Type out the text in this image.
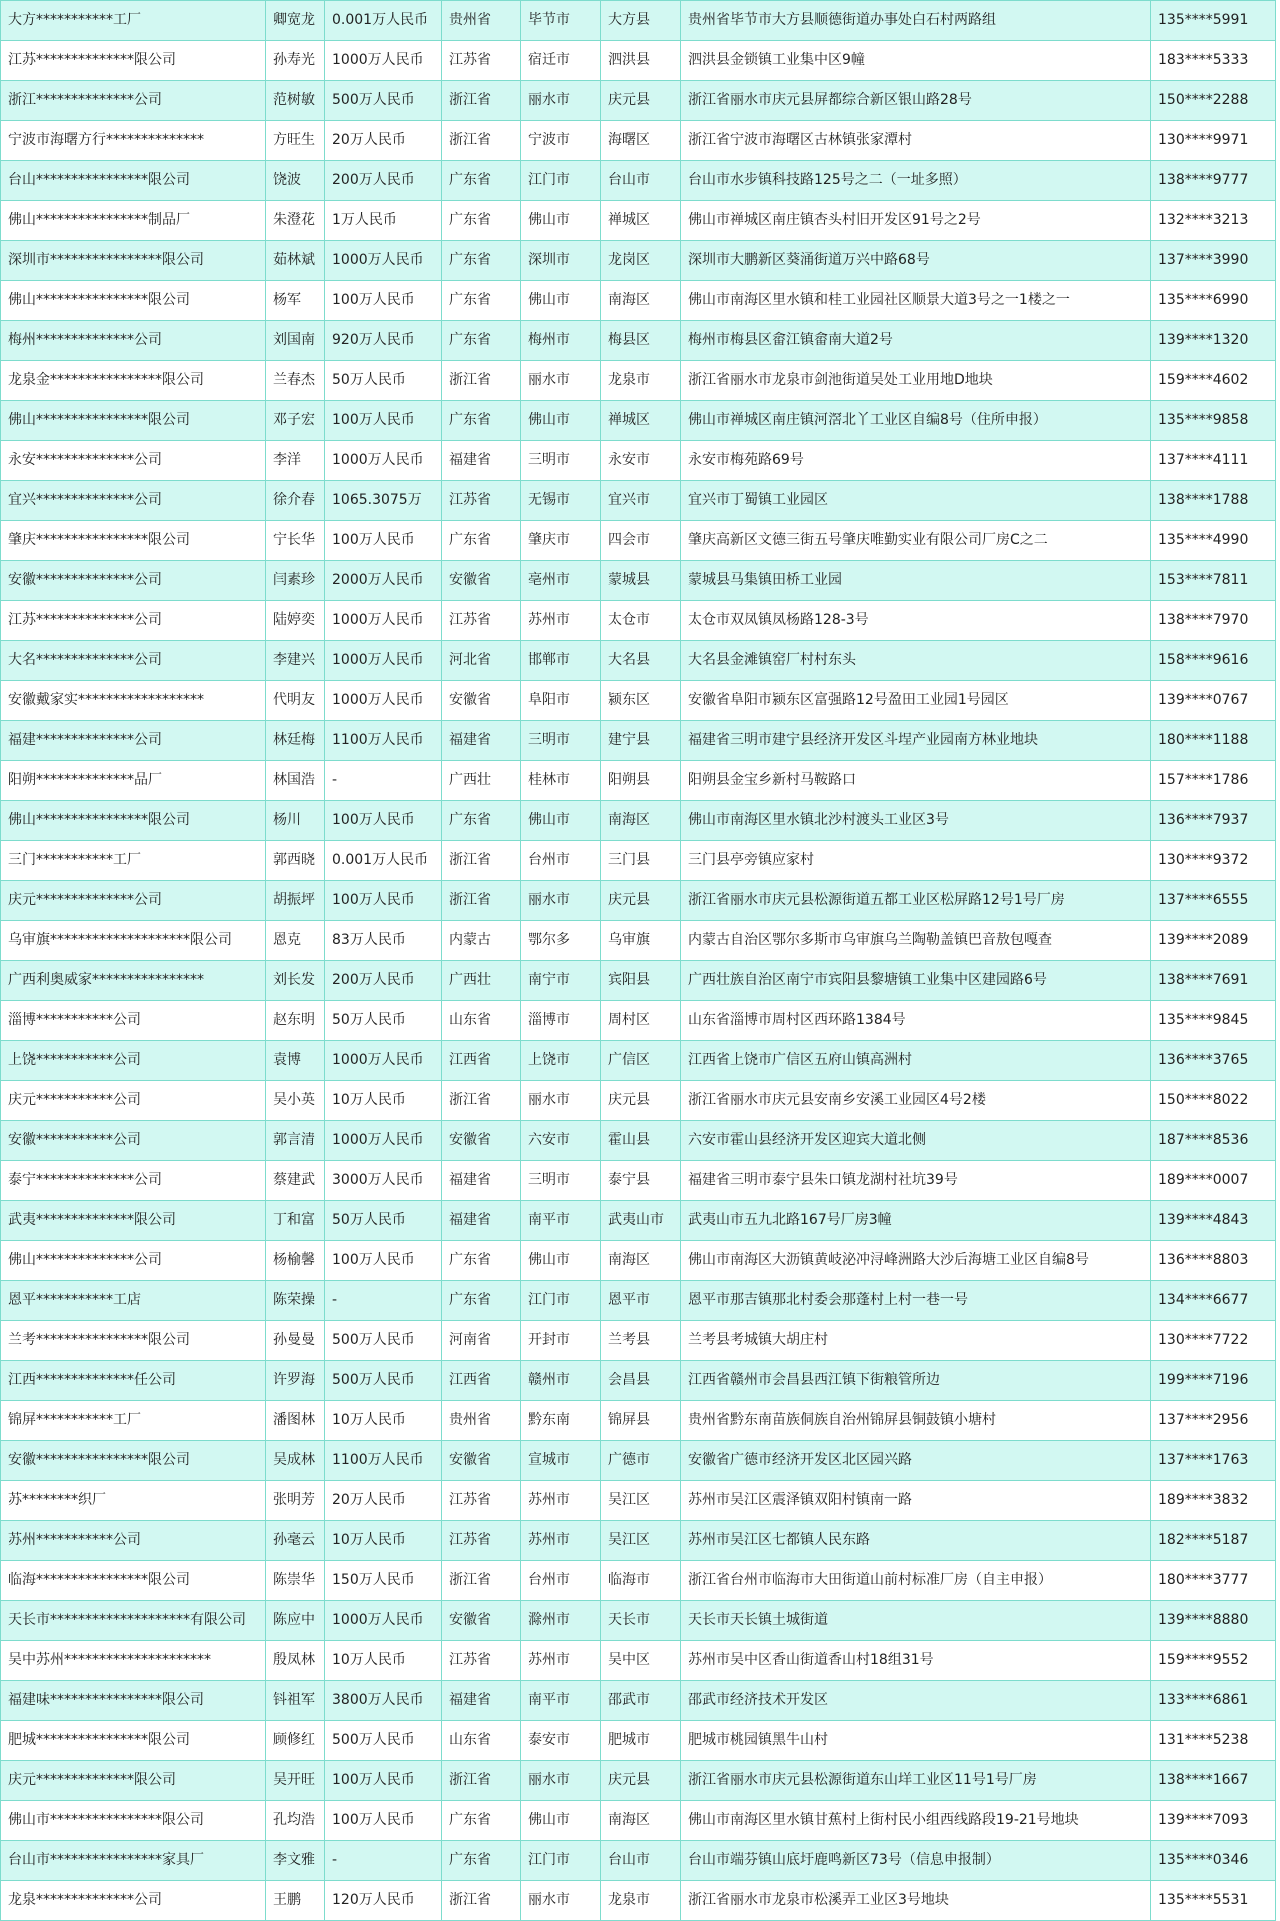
大方***********工厂	卿宽龙	0.001万人民币	贵州省	毕节市	大方县	贵州省毕节市大方县顺德街道办事处白石村两路组	135****5991
江苏**************限公司	孙寿光	1000万人民币	江苏省	宿迁市	泗洪县	泗洪县金锁镇工业集中区9幢	183****5333
浙江**************公司	范树敏	500万人民币	浙江省	丽水市	庆元县	浙江省丽水市庆元县屏都综合新区银山路28号	150****2288
宁波市海曙方行**************	方旺生	20万人民币	浙江省	宁波市	海曙区	浙江省宁波市海曙区古林镇张家潭村	130****9971
台山****************限公司	饶波	200万人民币	广东省	江门市	台山市	台山市水步镇科技路125号之二（一址多照）	138****9777
佛山****************制品厂	朱澄花	1万人民币	广东省	佛山市	禅城区	佛山市禅城区南庄镇杏头村旧开发区91号之2号	132****3213
深圳市****************限公司	茹林斌	1000万人民币	广东省	深圳市	龙岗区	深圳市大鹏新区葵涌街道万兴中路68号	137****3990
佛山****************限公司	杨军	100万人民币	广东省	佛山市	南海区	佛山市南海区里水镇和桂工业园社区顺景大道3号之一1楼之一	135****6990
梅州**************公司	刘国南	920万人民币	广东省	梅州市	梅县区	梅州市梅县区畲江镇畲南大道2号	139****1320
龙泉金****************限公司	兰春杰	50万人民币	浙江省	丽水市	龙泉市	浙江省丽水市龙泉市剑池街道吴处工业用地D地块	159****4602
佛山****************限公司	邓子宏	100万人民币	广东省	佛山市	禅城区	佛山市禅城区南庄镇河滘北丫工业区自编8号（住所申报）	135****9858
永安**************公司	李洋	1000万人民币	福建省	三明市	永安市	永安市梅苑路69号	137****4111
宜兴**************公司	徐介春	1065.3075万	江苏省	无锡市	宜兴市	宜兴市丁蜀镇工业园区	138****1788
肇庆****************限公司	宁长华	100万人民币	广东省	肇庆市	四会市	肇庆高新区文德三街五号肇庆唯勤实业有限公司厂房C之二	135****4990
安徽**************公司	闫素珍	2000万人民币	安徽省	亳州市	蒙城县	蒙城县马集镇田桥工业园	153****7811
江苏**************公司	陆婷奕	1000万人民币	江苏省	苏州市	太仓市	太仓市双凤镇凤杨路128-3号	138****7970
大名**************公司	李建兴	1000万人民币	河北省	邯郸市	大名县	大名县金滩镇窑厂村村东头	158****9616
安徽戴家实******************	代明友	1000万人民币	安徽省	阜阳市	颍东区	安徽省阜阳市颍东区富强路12号盈田工业园1号园区	139****0767
福建**************公司	林廷梅	1100万人民币	福建省	三明市	建宁县	福建省三明市建宁县经济开发区斗埕产业园南方林业地块	180****1188
阳朔**************品厂	林国浩	-	广西壮	桂林市	阳朔县	阳朔县金宝乡新村马鞍路口	157****1786
佛山****************限公司	杨川	100万人民币	广东省	佛山市	南海区	佛山市南海区里水镇北沙村渡头工业区3号	136****7937
三门***********工厂	郭西晓	0.001万人民币	浙江省	台州市	三门县	三门县亭旁镇应家村	130****9372
庆元**************公司	胡振坪	100万人民币	浙江省	丽水市	庆元县	浙江省丽水市庆元县松源街道五都工业区松屏路12号1号厂房	137****6555
乌审旗********************限公司	恩克	83万人民币	内蒙古	鄂尔多	乌审旗	内蒙古自治区鄂尔多斯市乌审旗乌兰陶勒盖镇巴音敖包嘎查	139****2089
广西利奥威家****************	刘长发	200万人民币	广西壮	南宁市	宾阳县	广西壮族自治区南宁市宾阳县黎塘镇工业集中区建园路6号	138****7691
淄博***********公司	赵东明	50万人民币	山东省	淄博市	周村区	山东省淄博市周村区西环路1384号	135****9845
上饶***********公司	袁博	1000万人民币	江西省	上饶市	广信区	江西省上饶市广信区五府山镇高洲村	136****3765
庆元***********公司	吴小英	10万人民币	浙江省	丽水市	庆元县	浙江省丽水市庆元县安南乡安溪工业园区4号2楼	150****8022
安徽***********公司	郭言清	1000万人民币	安徽省	六安市	霍山县	六安市霍山县经济开发区迎宾大道北侧	187****8536
泰宁**************公司	蔡建武	3000万人民币	福建省	三明市	泰宁县	福建省三明市泰宁县朱口镇龙湖村社坑39号	189****0007
武夷**************限公司	丁和富	50万人民币	福建省	南平市	武夷山市	武夷山市五九北路167号厂房3幢	139****4843
佛山**************公司	杨榆馨	100万人民币	广东省	佛山市	南海区	佛山市南海区大沥镇黄岐泌冲浔峰洲路大沙后海塘工业区自编8号	136****8803
恩平***********工店	陈荣操	-	广东省	江门市	恩平市	恩平市那吉镇那北村委会那蓬村上村一巷一号	134****6677
兰考****************限公司	孙曼曼	500万人民币	河南省	开封市	兰考县	兰考县考城镇大胡庄村	130****7722
江西**************任公司	许罗海	500万人民币	江西省	赣州市	会昌县	江西省赣州市会昌县西江镇下街粮管所边	199****7196
锦屏***********工厂	潘图林	10万人民币	贵州省	黔东南	锦屏县	贵州省黔东南苗族侗族自治州锦屏县铜鼓镇小塘村	137****2956
安徽****************限公司	吴成林	1100万人民币	安徽省	宣城市	广德市	安徽省广德市经济开发区北区园兴路	137****1763
苏********织厂	张明芳	20万人民币	江苏省	苏州市	吴江区	苏州市吴江区震泽镇双阳村镇南一路	189****3832
苏州***********公司	孙毫云	10万人民币	江苏省	苏州市	吴江区	苏州市吴江区七都镇人民东路	182****5187
临海****************限公司	陈崇华	150万人民币	浙江省	台州市	临海市	浙江省台州市临海市大田街道山前村标准厂房（自主申报）	180****3777
天长市********************有限公司	陈应中	1000万人民币	安徽省	滁州市	天长市	天长市天长镇土城街道	139****8880
吴中苏州*********************	殷凤林	10万人民币	江苏省	苏州市	吴中区	苏州市吴中区香山街道香山村18组31号	159****9552
福建味****************限公司	钭祖军	3800万人民币	福建省	南平市	邵武市	邵武市经济技术开发区	133****6861
肥城****************限公司	顾修红	500万人民币	山东省	泰安市	肥城市	肥城市桃园镇黑牛山村	131****5238
庆元**************限公司	吴开旺	100万人民币	浙江省	丽水市	庆元县	浙江省丽水市庆元县松源街道东山垟工业区11号1号厂房	138****1667
佛山市****************限公司	孔均浩	100万人民币	广东省	佛山市	南海区	佛山市南海区里水镇甘蕉村上街村民小组西线路段19-21号地块	139****7093
台山市****************家具厂	李文雅	-	广东省	江门市	台山市	台山市端芬镇山底圩鹿鸣新区73号（信息申报制）	135****0346
龙泉**************公司	王鹏	120万人民币	浙江省	丽水市	龙泉市	浙江省丽水市龙泉市松溪弄工业区3号地块	135****5531
